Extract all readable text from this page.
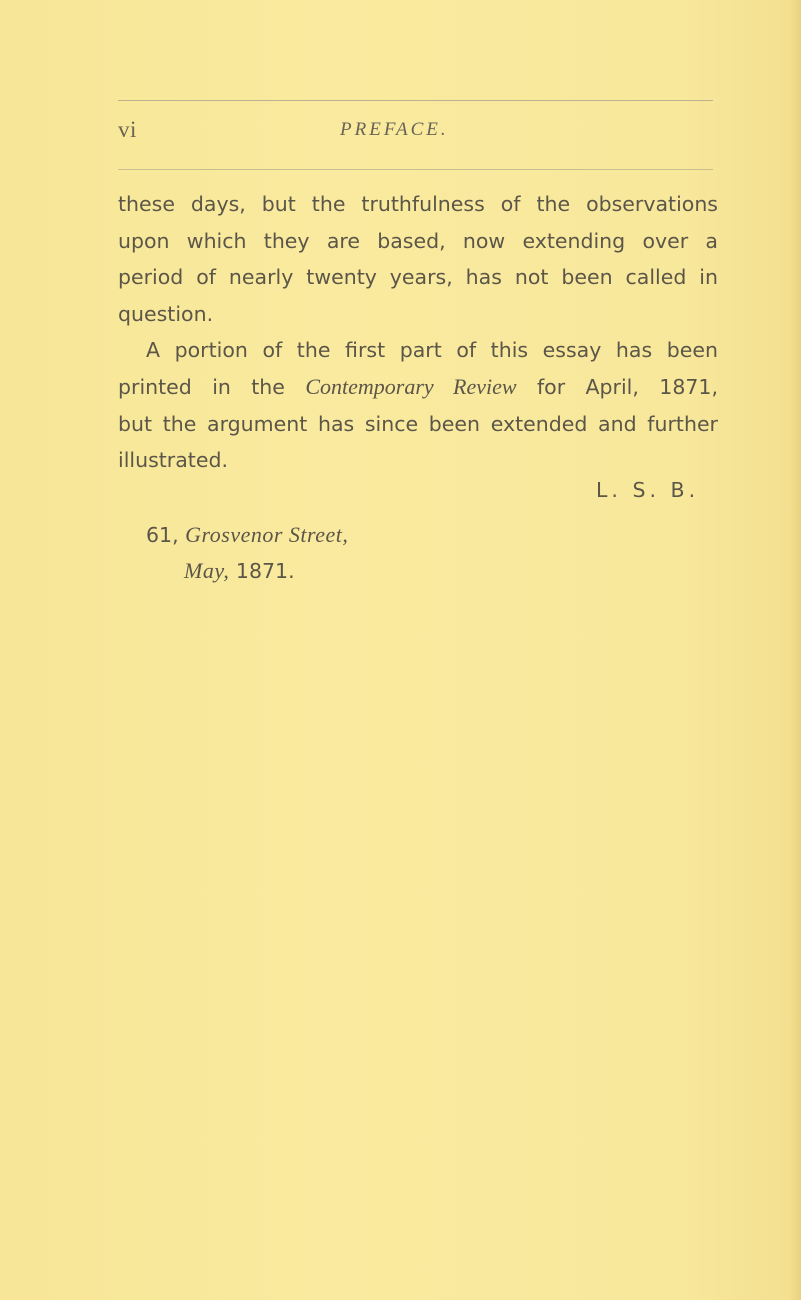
vi	PREFACE.
these days, but the truthfulness of the observations
upon which they are based, now extending over a
period of nearly twenty years, has not been called in
question.
A portion of the first part of this essay has been
printed in the Contemporary Review for April, 1871,
but the argument has since been extended and further
illustrated.
L. S. B.
61, Grosvenor Street,
May, 1871.
